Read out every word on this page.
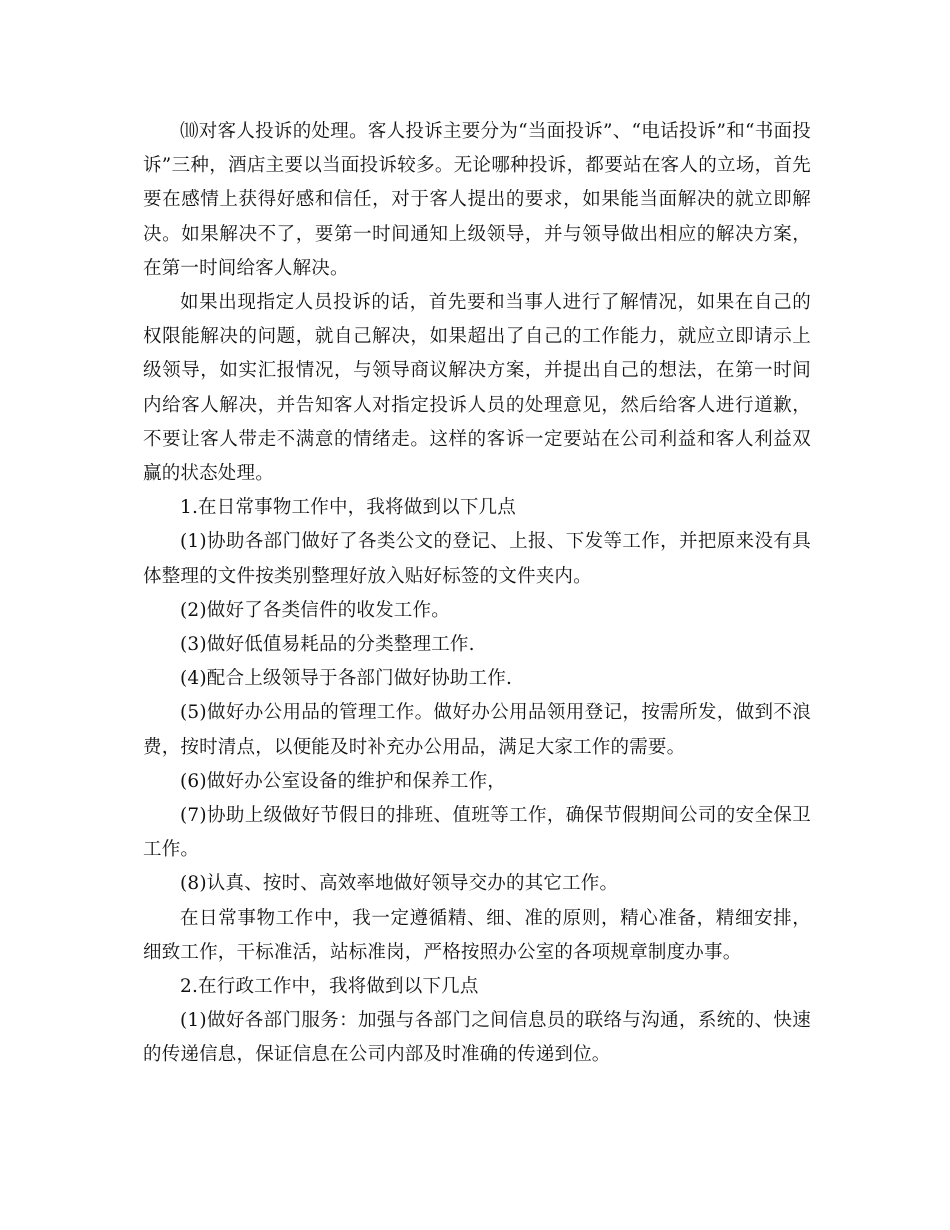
⑽对客人投诉的处理。客人投诉主要分为“当面投诉”、“电话投诉”和“书面投诉”三种，酒店主要以当面投诉较多。无论哪种投诉，都要站在客人的立场，首先要在感情上获得好感和信任，对于客人提出的要求，如果能当面解决的就立即解决。如果解决不了，要第一时间通知上级领导，并与领导做出相应的解决方案，在第一时间给客人解决。

如果出现指定人员投诉的话，首先要和当事人进行了解情况，如果在自己的权限能解决的问题，就自己解决，如果超出了自己的工作能力，就应立即请示上级领导，如实汇报情况，与领导商议解决方案，并提出自己的想法，在第一时间内给客人解决，并告知客人对指定投诉人员的处理意见，然后给客人进行道歉，不要让客人带走不满意的情绪走。这样的客诉一定要站在公司利益和客人利益双赢的状态处理。

1.在日常事物工作中，我将做到以下几点

(1)协助各部门做好了各类公文的登记、上报、下发等工作，并把原来没有具体整理的文件按类别整理好放入贴好标签的文件夹内。

(2)做好了各类信件的收发工作。

(3)做好低值易耗品的分类整理工作.

(4)配合上级领导于各部门做好协助工作.

(5)做好办公用品的管理工作。做好办公用品领用登记，按需所发，做到不浪费，按时清点，以便能及时补充办公用品，满足大家工作的需要。

(6)做好办公室设备的维护和保养工作，

(7)协助上级做好节假日的排班、值班等工作，确保节假期间公司的安全保卫工作。

(8)认真、按时、高效率地做好领导交办的其它工作。

在日常事物工作中，我一定遵循精、细、准的原则，精心准备，精细安排，细致工作，干标准活，站标准岗，严格按照办公室的各项规章制度办事。

2.在行政工作中，我将做到以下几点

(1)做好各部门服务：加强与各部门之间信息员的联络与沟通，系统的、快速的传递信息，保证信息在公司内部及时准确的传递到位。
